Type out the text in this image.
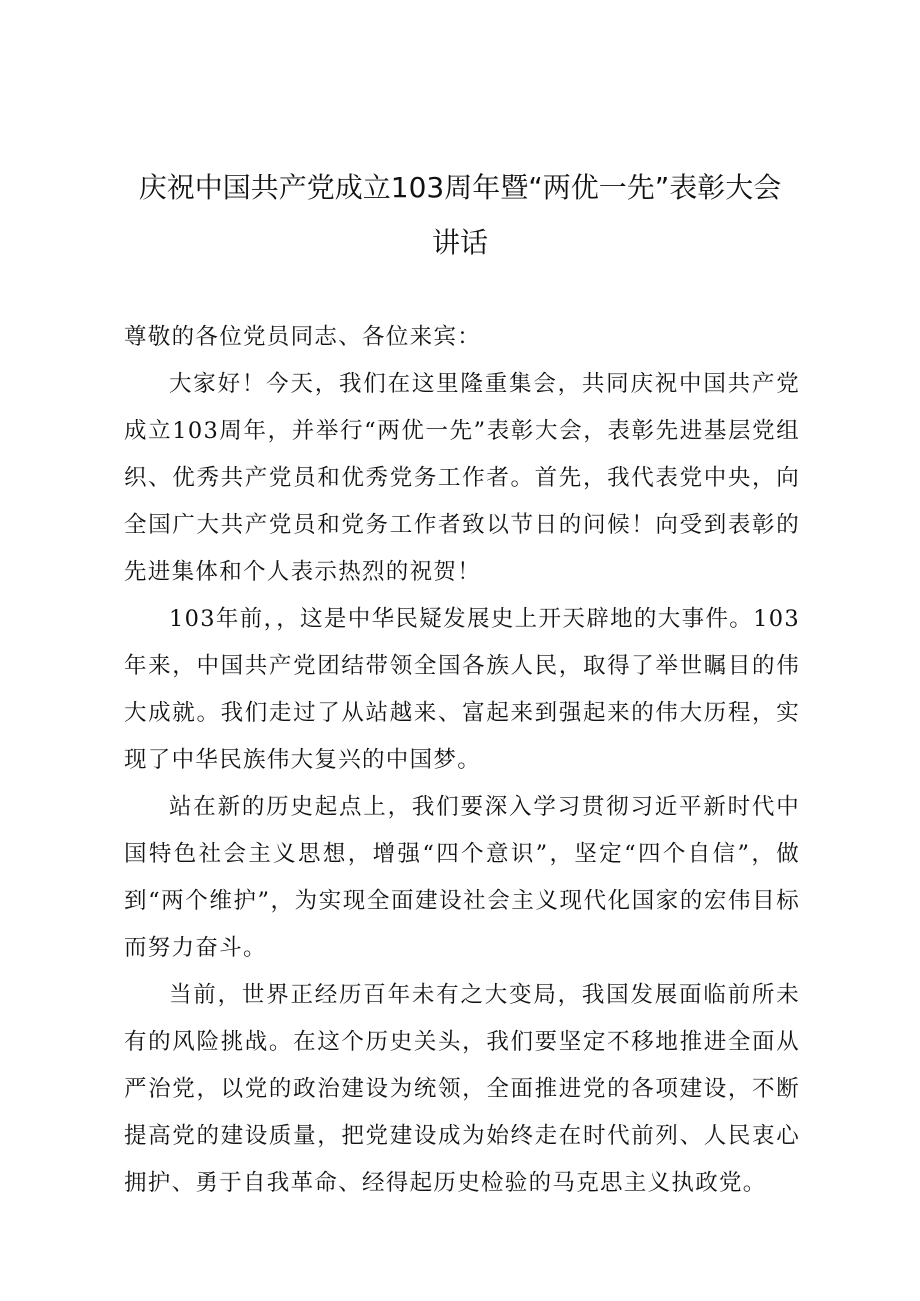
庆祝中国共产党成立103周年暨“两优一先”表彰大会
讲话

尊敬的各位党员同志、各位来宾：

大家好！今天，我们在这里隆重集会，共同庆祝中国共产党成立103周年，并举行“两优一先”表彰大会，表彰先进基层党组织、优秀共产党员和优秀党务工作者。首先，我代表党中央，向全国广大共产党员和党务工作者致以节日的问候！向受到表彰的先进集体和个人表示热烈的祝贺！

103年前，，这是中华民疑发展史上开天辟地的大事件。103年来，中国共产党团结带领全国各族人民，取得了举世瞩目的伟大成就。我们走过了从站越来、富起来到强起来的伟大历程，实现了中华民族伟大复兴的中国梦。

站在新的历史起点上，我们要深入学习贯彻习近平新时代中国特色社会主义思想，增强“四个意识”，坚定“四个自信”，做到“两个维护”，为实现全面建设社会主义现代化国家的宏伟目标而努力奋斗。

当前，世界正经历百年未有之大变局，我国发展面临前所未有的风险挑战。在这个历史关头，我们要坚定不移地推进全面从严治党，以党的政治建设为统领，全面推进党的各项建设，不断提高党的建设质量，把党建设成为始终走在时代前列、人民衷心拥护、勇于自我革命、经得起历史检验的马克思主义执政党。
